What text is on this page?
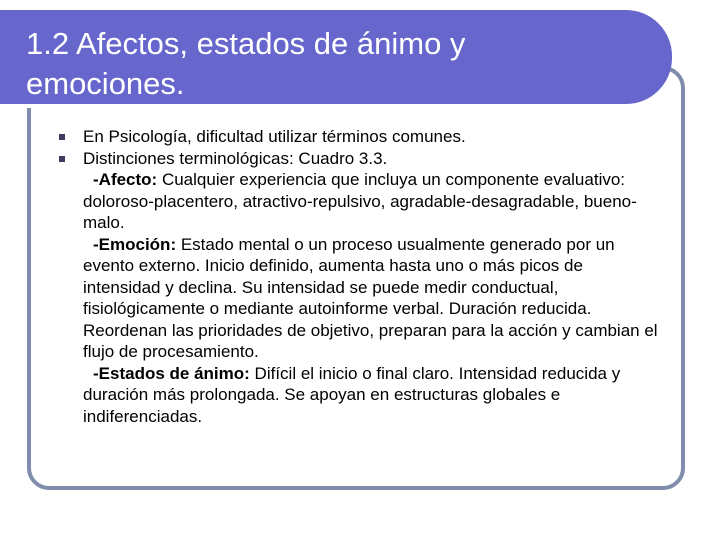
1.2 Afectos, estados de ánimo y emociones.
En Psicología, dificultad utilizar términos comunes.
Distinciones terminológicas: Cuadro 3.3.

-Afecto: Cualquier experiencia que incluya un componente evaluativo: doloroso-placentero, atractivo-repulsivo, agradable-desagradable, bueno-malo.

-Emoción: Estado mental o un proceso usualmente generado por un evento externo. Inicio definido, aumenta hasta uno o más picos de intensidad y declina. Su intensidad se puede medir conductual, fisiológicamente o mediante autoinforme verbal. Duración reducida. Reordenan las prioridades de objetivo, preparan para la acción y cambian el flujo de procesamiento.

-Estados de ánimo: Difícil el inicio o final claro. Intensidad reducida y duración más prolongada. Se apoyan en estructuras globales e indiferenciadas.
